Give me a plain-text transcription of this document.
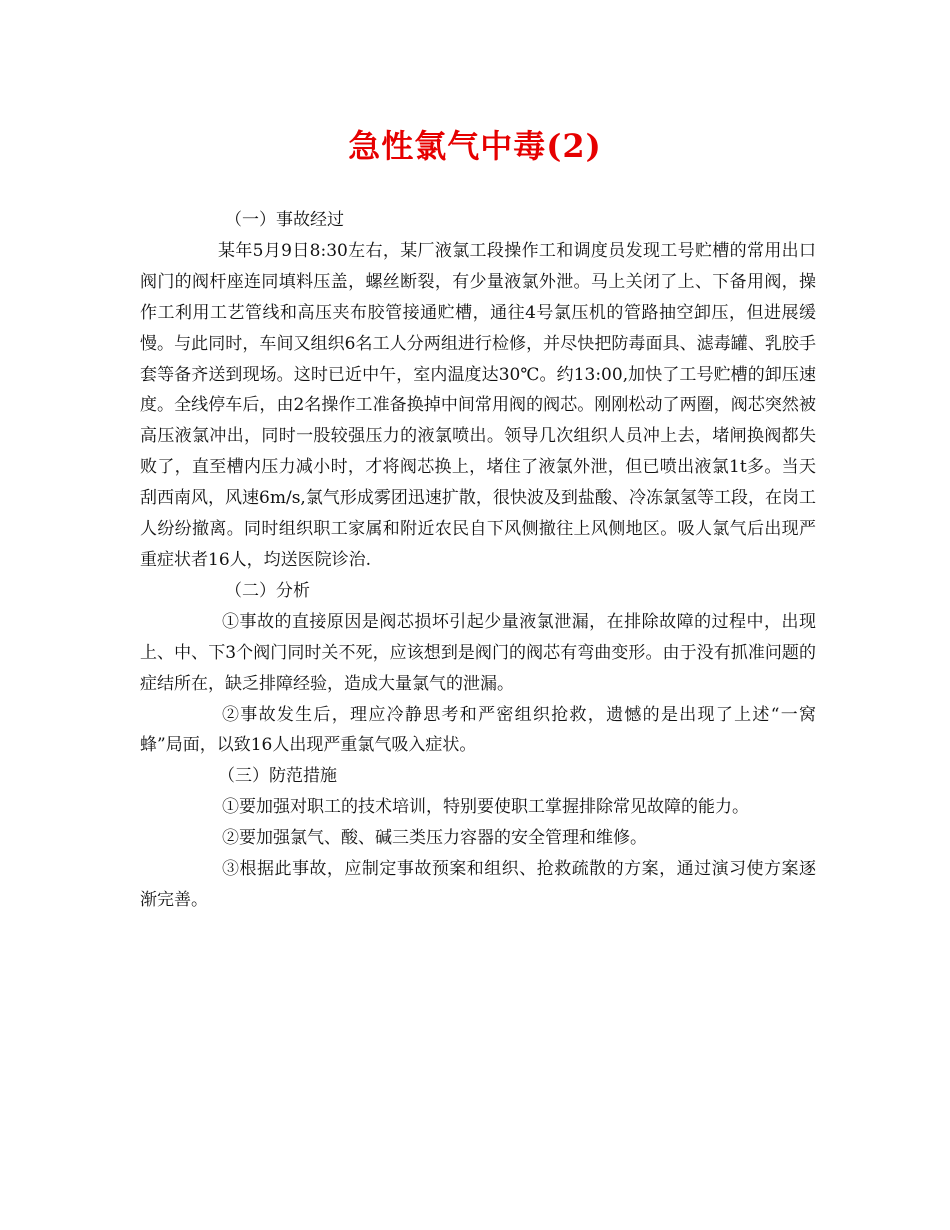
急性氯气中毒(2)

（一）事故经过

某年5月9日8:30左右，某厂液氯工段操作工和调度员发现工号贮槽的常用出口阀门的阀杆座连同填料压盖，螺丝断裂，有少量液氯外泄。马上关闭了上、下备用阀，操作工利用工艺管线和高压夹布胶管接通贮槽，通往4号氯压机的管路抽空卸压，但进展缓慢。与此同时，车间又组织6名工人分两组进行检修，并尽快把防毒面具、滤毒罐、乳胶手套等备齐送到现场。这时已近中午，室内温度达30℃。约13:00,加快了工号贮槽的卸压速度。全线停车后，由2名操作工准备换掉中间常用阀的阀芯。刚刚松动了两圈，阀芯突然被高压液氯冲出，同时一股较强压力的液氯喷出。领导几次组织人员冲上去，堵闸换阀都失败了，直至槽内压力减小时，才将阀芯换上，堵住了液氯外泄，但已喷出液氯1t多。当天刮西南风，风速6m/s,氯气形成雾团迅速扩散，很快波及到盐酸、冷冻氯氢等工段，在岗工人纷纷撤离。同时组织职工家属和附近农民自下风侧撤往上风侧地区。吸人氯气后出现严重症状者16人，均送医院诊治.

（二）分析

①事故的直接原因是阀芯损坏引起少量液氯泄漏，在排除故障的过程中，出现上、中、下3个阀门同时关不死，应该想到是阀门的阀芯有弯曲变形。由于没有抓准问题的症结所在，缺乏排障经验，造成大量氯气的泄漏。

②事故发生后，理应冷静思考和严密组织抢救，遗憾的是出现了上述“一窝蜂”局面，以致16人出现严重氯气吸入症状。

（三）防范措施

①要加强对职工的技术培训，特别要使职工掌握排除常见故障的能力。

②要加强氯气、酸、碱三类压力容器的安全管理和维修。

③根据此事故，应制定事故预案和组织、抢救疏散的方案，通过演习使方案逐渐完善。
